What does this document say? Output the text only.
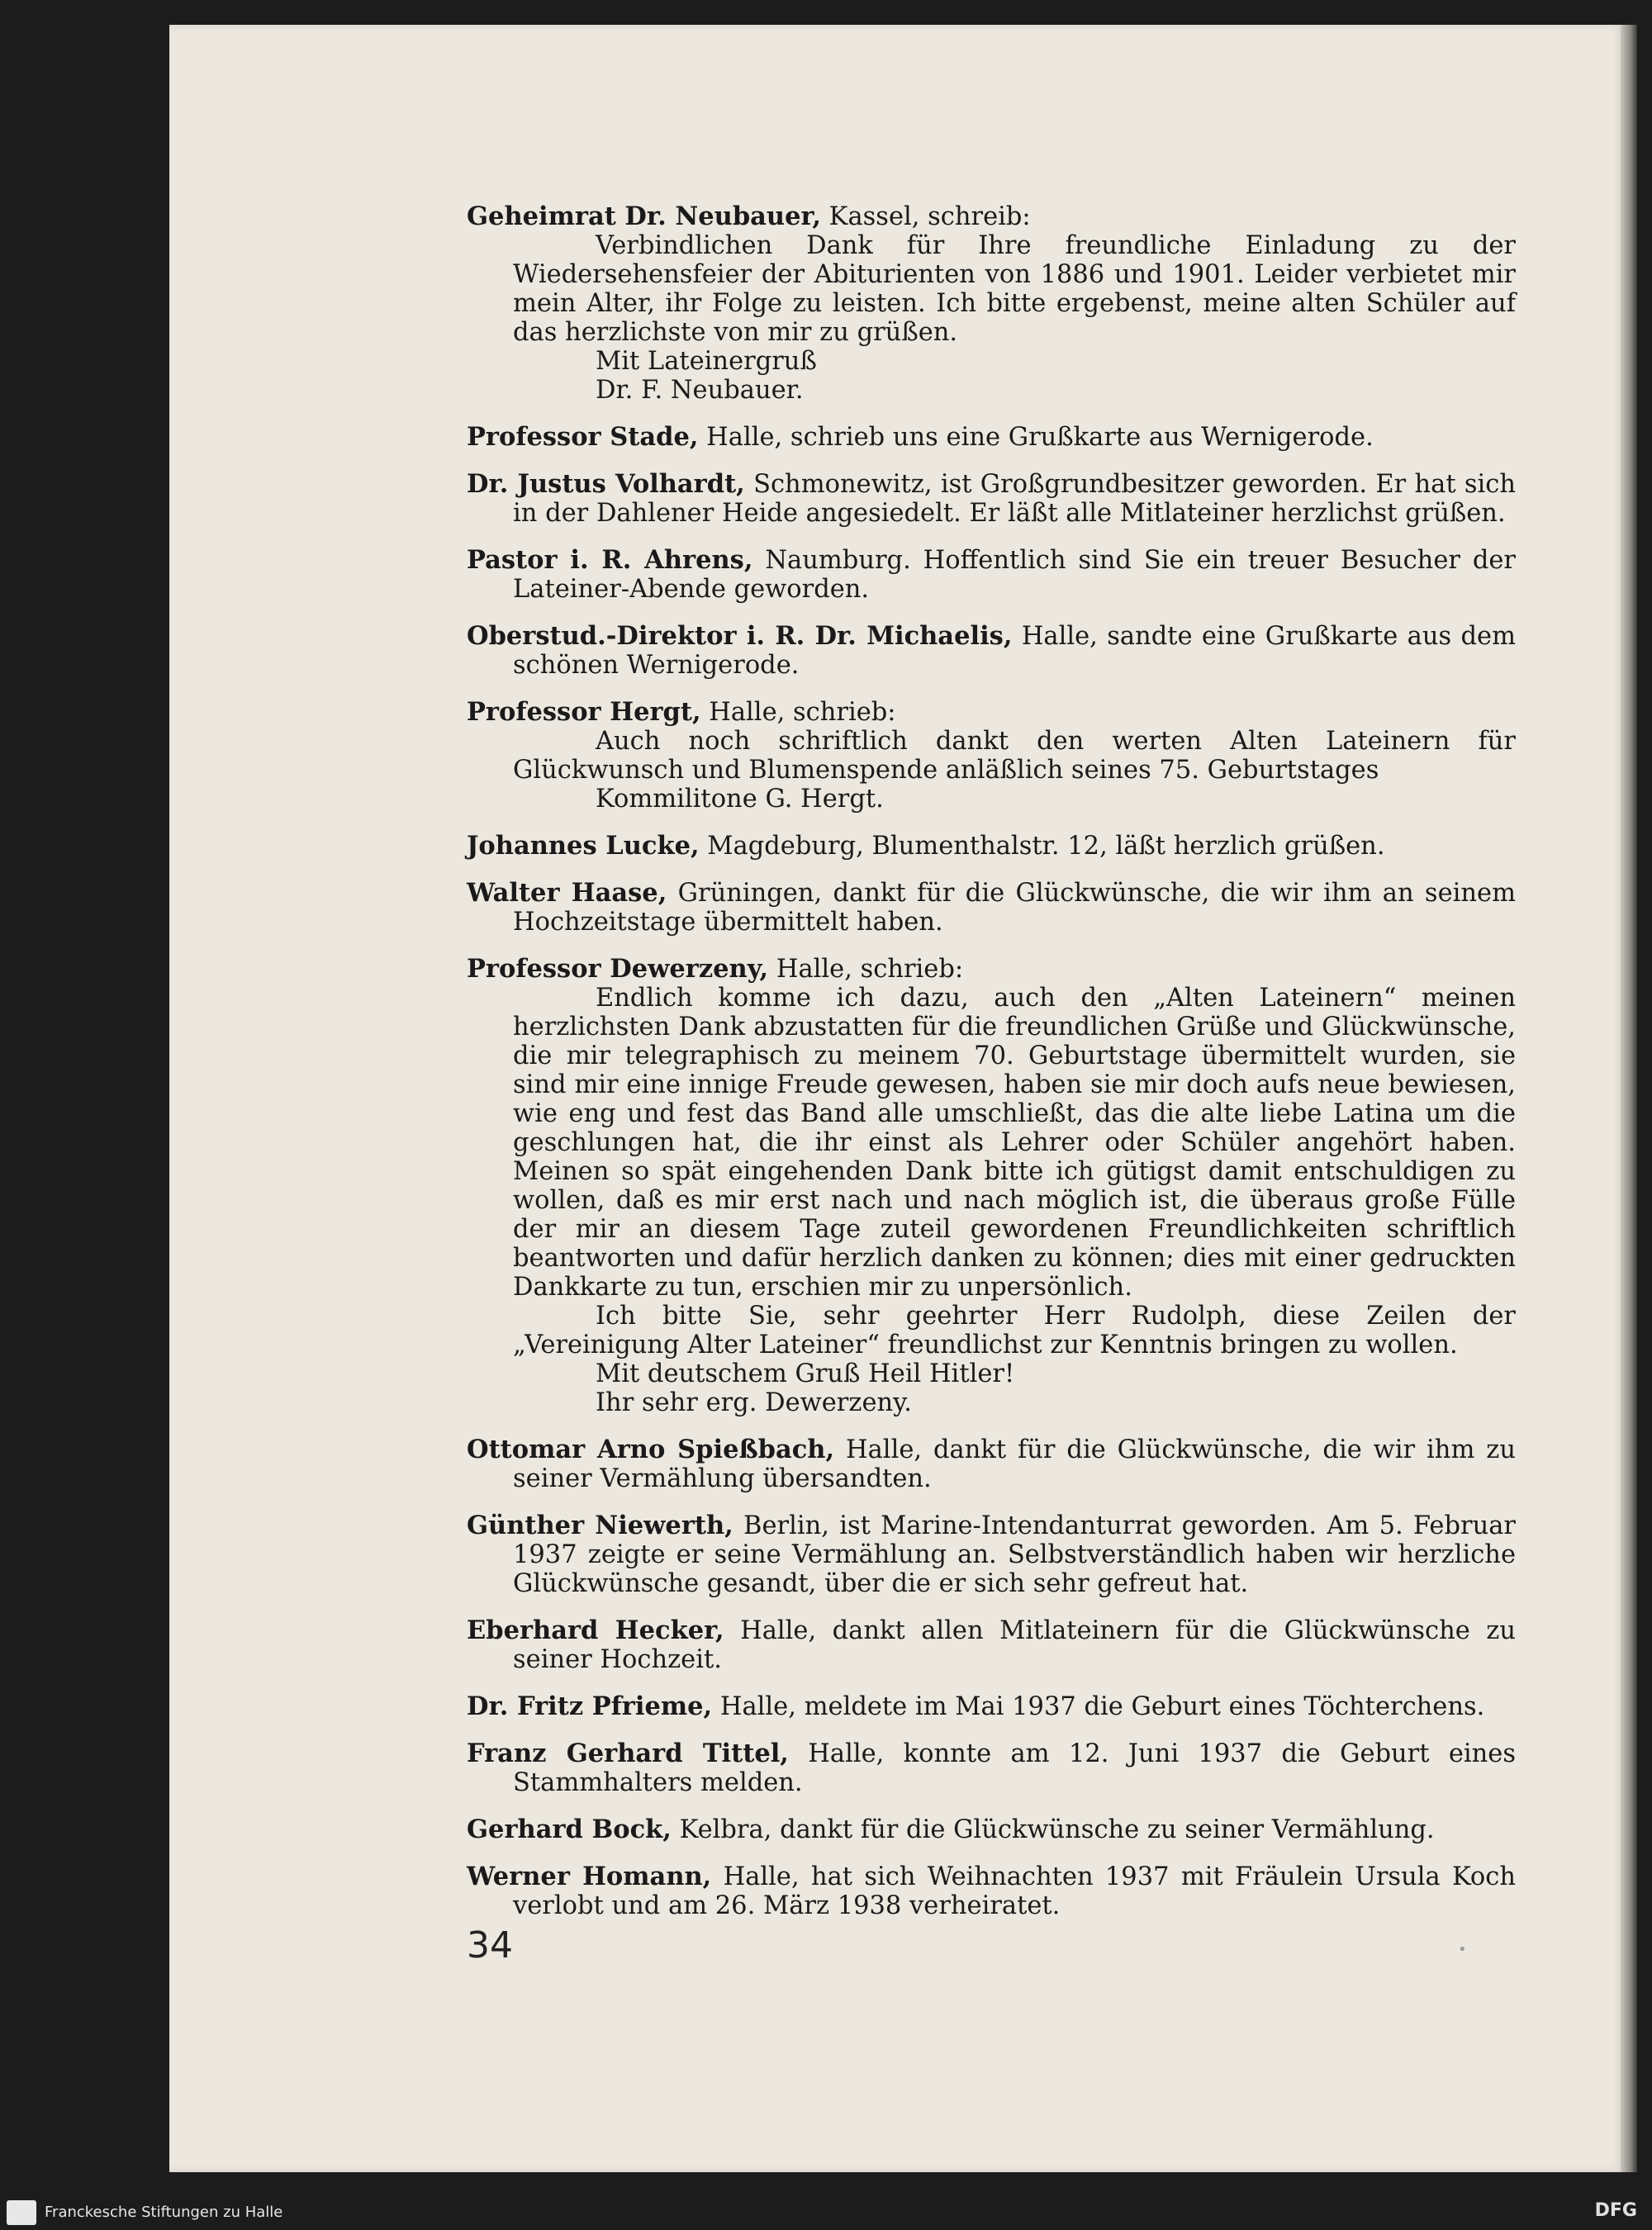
Geheimrat Dr. Neubauer, Kassel, schreib:

Verbindlichen Dank für Ihre freundliche Einladung zu der Wiedersehensfeier der Abiturienten von 1886 und 1901. Leider verbietet mir mein Alter, ihr Folge zu leisten. Ich bitte ergebenst, meine alten Schüler auf das herzlichste von mir zu grüßen.

Mit Lateinergruß

Dr. F. Neubauer.

Professor Stade, Halle, schrieb uns eine Grußkarte aus Wernigerode.
Dr. Justus Volhardt, Schmonewitz, ist Großgrundbesitzer geworden. Er hat sich in der Dahlener Heide angesiedelt. Er läßt alle Mitlateiner herzlichst grüßen.
Pastor i. R. Ahrens, Naumburg. Hoffentlich sind Sie ein treuer Besucher der Lateiner-Abende geworden.
Oberstud.-Direktor i. R. Dr. Michaelis, Halle, sandte eine Grußkarte aus dem schönen Wernigerode.
Professor Hergt, Halle, schrieb:

Auch noch schriftlich dankt den werten Alten Lateinern für Glückwunsch und Blumenspende anläßlich seines 75. Geburtstages

Kommilitone G. Hergt.

Johannes Lucke, Magdeburg, Blumenthalstr. 12, läßt herzlich grüßen.
Walter Haase, Grüningen, dankt für die Glückwünsche, die wir ihm an seinem Hochzeitstage übermittelt haben.
Professor Dewerzeny, Halle, schrieb:

Endlich komme ich dazu, auch den „Alten Lateinern“ meinen herzlichsten Dank abzustatten für die freundlichen Grüße und Glückwünsche, die mir telegraphisch zu meinem 70. Geburtstage übermittelt wurden, sie sind mir eine innige Freude gewesen, haben sie mir doch aufs neue bewiesen, wie eng und fest das Band alle umschließt, das die alte liebe Latina um die geschlungen hat, die ihr einst als Lehrer oder Schüler angehört haben. Meinen so spät eingehenden Dank bitte ich gütigst damit entschuldigen zu wollen, daß es mir erst nach und nach möglich ist, die überaus große Fülle der mir an diesem Tage zuteil gewordenen Freundlichkeiten schriftlich beantworten und dafür herzlich danken zu können; dies mit einer gedruckten Dankkarte zu tun, erschien mir zu unpersönlich.

Ich bitte Sie, sehr geehrter Herr Rudolph, diese Zeilen der „Vereinigung Alter Lateiner“ freundlichst zur Kenntnis bringen zu wollen.

Mit deutschem Gruß Heil Hitler!

Ihr sehr erg. Dewerzeny.

Ottomar Arno Spießbach, Halle, dankt für die Glückwünsche, die wir ihm zu seiner Vermählung übersandten.
Günther Niewerth, Berlin, ist Marine-Intendanturrat geworden. Am 5. Februar 1937 zeigte er seine Vermählung an. Selbstverständlich haben wir herzliche Glückwünsche gesandt, über die er sich sehr gefreut hat.
Eberhard Hecker, Halle, dankt allen Mitlateinern für die Glückwünsche zu seiner Hochzeit.
Dr. Fritz Pfrieme, Halle, meldete im Mai 1937 die Geburt eines Töchterchens.
Franz Gerhard Tittel, Halle, konnte am 12. Juni 1937 die Geburt eines Stammhalters melden.
Gerhard Bock, Kelbra, dankt für die Glückwünsche zu seiner Vermählung.
Werner Homann, Halle, hat sich Weihnachten 1937 mit Fräulein Ursula Koch verlobt und am 26. März 1938 verheiratet.
34	•
Franckesche Stiftungen zu Halle	DFG
